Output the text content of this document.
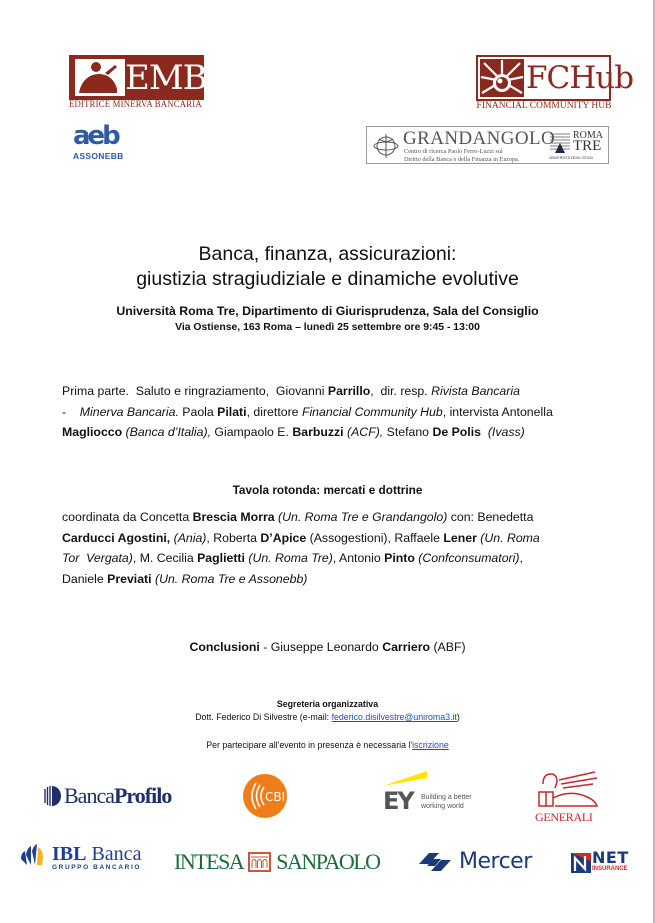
EMB
EDITRICE MINERVA BANCARIA
aeb
ASSONEBB
FCHub
FINANCIAL COMMUNITY HUB
GRANDANGOLO
Centro di ricerca Paolo Ferro-Luzzi sul
Diritto della Banca e della Finanza in Europa.
ROMA
TRE
UNIVERSITÀ DEGLI STUDI
Banca, finanza, assicurazioni:
giustizia stragiudiziale e dinamiche evolutive
Università Roma Tre, Dipartimento di Giurisprudenza, Sala del Consiglio
Via Ostiense, 163 Roma – lunedì 25 settembre ore 9:45 - 13:00
Prima parte.  Saluto e ringraziamento,  Giovanni Parrillo,  dir. resp. Rivista Bancaria
-    Minerva Bancaria. Paola Pilati, direttore Financial Community Hub, intervista Antonella
Magliocco (Banca d’Italia), Giampaolo E. Barbuzzi (ACF), Stefano De Polis  (Ivass)
Tavola rotonda: mercati e dottrine
coordinata da Concetta Brescia Morra (Un. Roma Tre e Grandangolo) con: Benedetta
Carducci Agostini, (Ania), Roberta D’Apice (Assogestioni), Raffaele Lener (Un. Roma
Tor  Vergata), M. Cecilia Paglietti (Un. Roma Tre), Antonio Pinto (Confconsumatori),
Daniele Previati (Un. Roma Tre e Assonebb)
Conclusioni - Giuseppe Leonardo Carriero (ABF)
Segreteria organizzativa
Dott. Federico Di Silvestre (e-mail: federico.disilvestre@uniroma3.it)
Per partecipare all'evento in presenza è necessaria l'iscrizione
BancaProfilo	CBI	EY Building a better
working world
GENERALI
IBL Banca
GRUPPO BANCARIO INTESA SANPAOLO	Mercer	NET
INSURANCE
